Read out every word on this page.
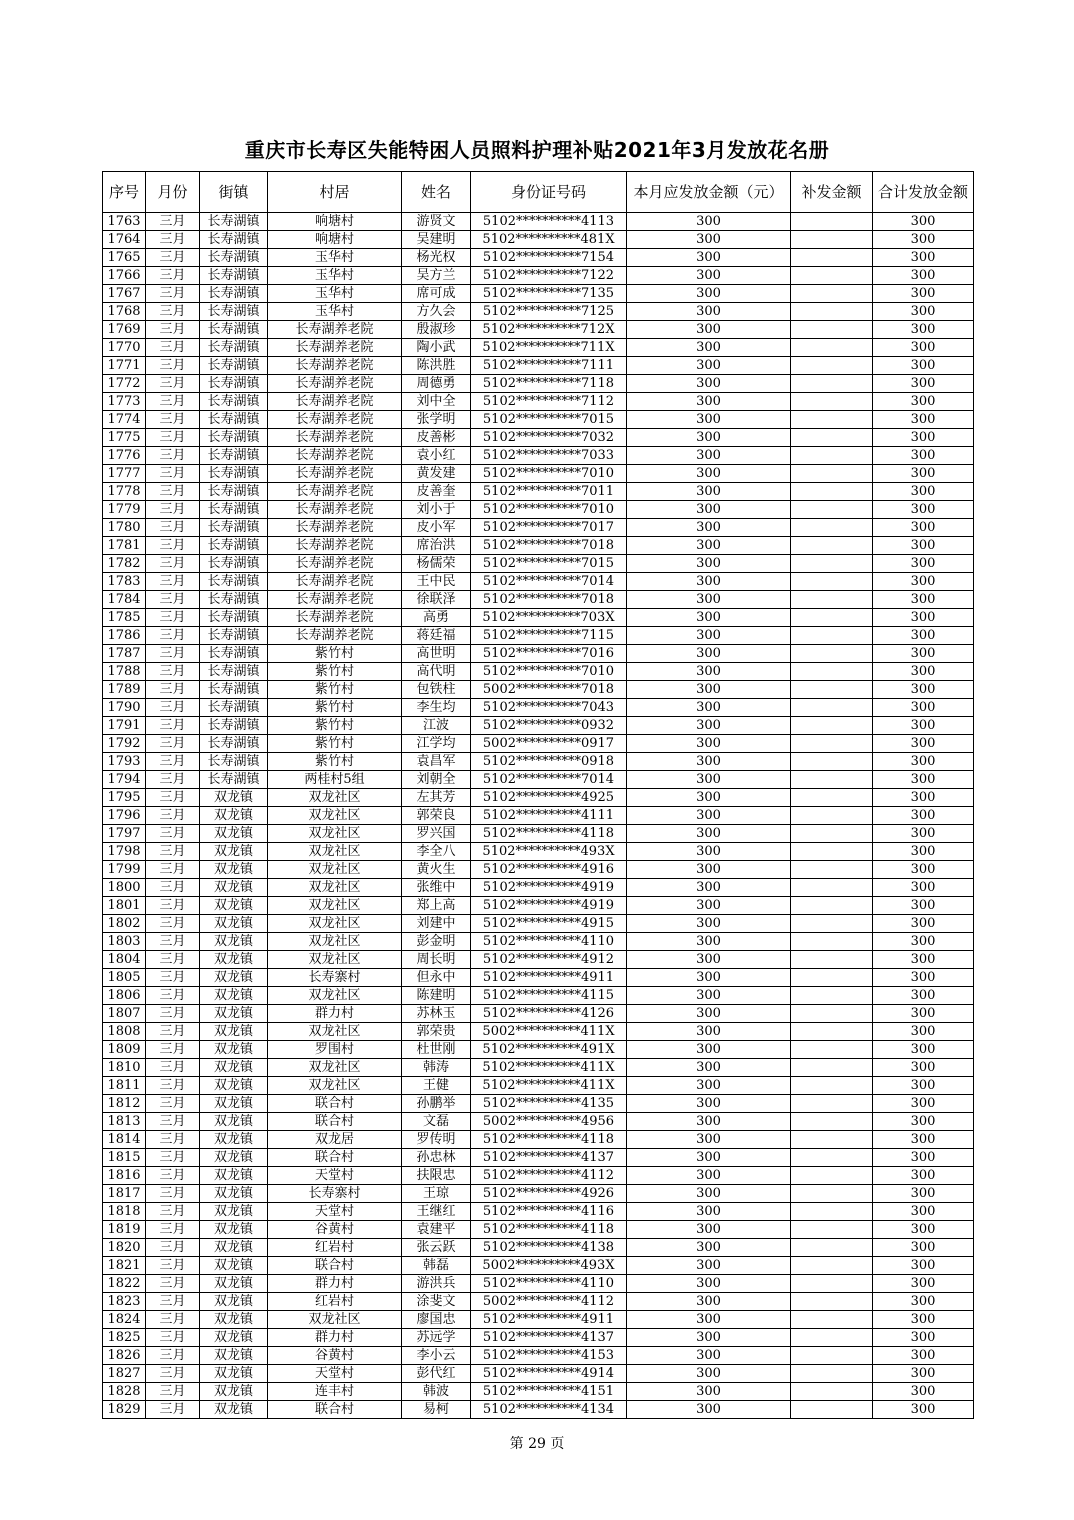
重庆市长寿区失能特困人员照料护理补贴2021年3月发放花名册
序号	月份	街镇	村居	姓名	身份证号码	本月应发放金额（元）	补发金额	合计发放金额
1763	三月	长寿湖镇	响塘村	游贤文	5102**********4113	300		300
1764	三月	长寿湖镇	响塘村	吴建明	5102**********481X	300		300
1765	三月	长寿湖镇	玉华村	杨光权	5102**********7154	300		300
1766	三月	长寿湖镇	玉华村	吴方兰	5102**********7122	300		300
1767	三月	长寿湖镇	玉华村	席可成	5102**********7135	300		300
1768	三月	长寿湖镇	玉华村	方久会	5102**********7125	300		300
1769	三月	长寿湖镇	长寿湖养老院	殷淑珍	5102**********712X	300		300
1770	三月	长寿湖镇	长寿湖养老院	陶小武	5102**********711X	300		300
1771	三月	长寿湖镇	长寿湖养老院	陈洪胜	5102**********7111	300		300
1772	三月	长寿湖镇	长寿湖养老院	周德勇	5102**********7118	300		300
1773	三月	长寿湖镇	长寿湖养老院	刘中全	5102**********7112	300		300
1774	三月	长寿湖镇	长寿湖养老院	张学明	5102**********7015	300		300
1775	三月	长寿湖镇	长寿湖养老院	皮善彬	5102**********7032	300		300
1776	三月	长寿湖镇	长寿湖养老院	袁小红	5102**********7033	300		300
1777	三月	长寿湖镇	长寿湖养老院	黄发建	5102**********7010	300		300
1778	三月	长寿湖镇	长寿湖养老院	皮善奎	5102**********7011	300		300
1779	三月	长寿湖镇	长寿湖养老院	刘小于	5102**********7010	300		300
1780	三月	长寿湖镇	长寿湖养老院	皮小军	5102**********7017	300		300
1781	三月	长寿湖镇	长寿湖养老院	席治洪	5102**********7018	300		300
1782	三月	长寿湖镇	长寿湖养老院	杨儒荣	5102**********7015	300		300
1783	三月	长寿湖镇	长寿湖养老院	王中民	5102**********7014	300		300
1784	三月	长寿湖镇	长寿湖养老院	徐联泽	5102**********7018	300		300
1785	三月	长寿湖镇	长寿湖养老院	高勇	5102**********703X	300		300
1786	三月	长寿湖镇	长寿湖养老院	蒋廷福	5102**********7115	300		300
1787	三月	长寿湖镇	紫竹村	高世明	5102**********7016	300		300
1788	三月	长寿湖镇	紫竹村	高代明	5102**********7010	300		300
1789	三月	长寿湖镇	紫竹村	包铁柱	5002**********7018	300		300
1790	三月	长寿湖镇	紫竹村	李生均	5102**********7043	300		300
1791	三月	长寿湖镇	紫竹村	江波	5102**********0932	300		300
1792	三月	长寿湖镇	紫竹村	江学均	5002**********0917	300		300
1793	三月	长寿湖镇	紫竹村	袁昌军	5102**********0918	300		300
1794	三月	长寿湖镇	两桂村5组	刘朝全	5102**********7014	300		300
1795	三月	双龙镇	双龙社区	左其芳	5102**********4925	300		300
1796	三月	双龙镇	双龙社区	郭荣良	5102**********4111	300		300
1797	三月	双龙镇	双龙社区	罗兴国	5102**********4118	300		300
1798	三月	双龙镇	双龙社区	李全八	5102**********493X	300		300
1799	三月	双龙镇	双龙社区	黄火生	5102**********4916	300		300
1800	三月	双龙镇	双龙社区	张维中	5102**********4919	300		300
1801	三月	双龙镇	双龙社区	郑上高	5102**********4919	300		300
1802	三月	双龙镇	双龙社区	刘建中	5102**********4915	300		300
1803	三月	双龙镇	双龙社区	彭金明	5102**********4110	300		300
1804	三月	双龙镇	双龙社区	周长明	5102**********4912	300		300
1805	三月	双龙镇	长寿寨村	但永中	5102**********4911	300		300
1806	三月	双龙镇	双龙社区	陈建明	5102**********4115	300		300
1807	三月	双龙镇	群力村	苏林玉	5102**********4126	300		300
1808	三月	双龙镇	双龙社区	郭荣贵	5002**********411X	300		300
1809	三月	双龙镇	罗围村	杜世刚	5102**********491X	300		300
1810	三月	双龙镇	双龙社区	韩涛	5102**********411X	300		300
1811	三月	双龙镇	双龙社区	王健	5102**********411X	300		300
1812	三月	双龙镇	联合村	孙鹏举	5102**********4135	300		300
1813	三月	双龙镇	联合村	文磊	5002**********4956	300		300
1814	三月	双龙镇	双龙居	罗传明	5102**********4118	300		300
1815	三月	双龙镇	联合村	孙忠林	5102**********4137	300		300
1816	三月	双龙镇	天堂村	扶限忠	5102**********4112	300		300
1817	三月	双龙镇	长寿寨村	王琼	5102**********4926	300		300
1818	三月	双龙镇	天堂村	王继红	5102**********4116	300		300
1819	三月	双龙镇	谷黄村	袁建平	5102**********4118	300		300
1820	三月	双龙镇	红岩村	张云跃	5102**********4138	300		300
1821	三月	双龙镇	联合村	韩磊	5002**********493X	300		300
1822	三月	双龙镇	群力村	游洪兵	5102**********4110	300		300
1823	三月	双龙镇	红岩村	涂斐文	5002**********4112	300		300
1824	三月	双龙镇	双龙社区	廖国忠	5102**********4911	300		300
1825	三月	双龙镇	群力村	苏远学	5102**********4137	300		300
1826	三月	双龙镇	谷黄村	李小云	5102**********4153	300		300
1827	三月	双龙镇	天堂村	彭代红	5102**********4914	300		300
1828	三月	双龙镇	连丰村	韩波	5102**********4151	300		300
1829	三月	双龙镇	联合村	易柯	5102**********4134	300		300
第 29 页
